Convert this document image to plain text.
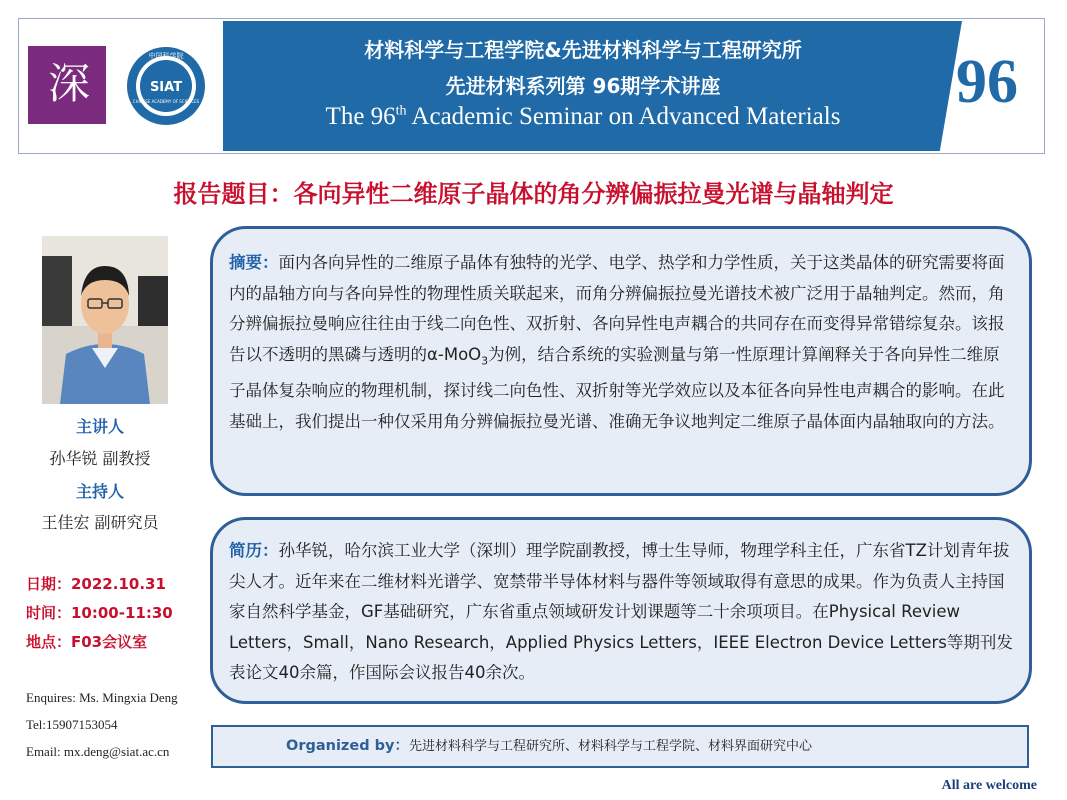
深
中国科学院
SIAT
CHINESE ACADEMY OF SCIENCES
材料科学与工程学院&先进材料科学与工程研究所
先进材料系列第 96期学术讲座
The 96th Academic Seminar on Advanced Materials
96
报告题目：各向异性二维原子晶体的角分辨偏振拉曼光谱与晶轴判定
主讲人
孙华锐 副教授
主持人
王佳宏 副研究员
日期：2022.10.31
时间：10:00-11:30
地点：F03会议室
Enquires: Ms. Mingxia Deng
Tel:15907153054
Email: mx.deng@siat.ac.cn
摘要：面内各向异性的二维原子晶体有独特的光学、电学、热学和力学性质，关于这类晶体的研究需要将面内的晶轴方向与各向异性的物理性质关联起来，而角分辨偏振拉曼光谱技术被广泛用于晶轴判定。然而，角分辨偏振拉曼响应往往由于线二向色性、双折射、各向异性电声耦合的共同存在而变得异常错综复杂。该报告以不透明的黑磷与透明的α-MoO$_3$为例，结合系统的实验测量与第一性原理计算阐释关于各向异性二维原子晶体复杂响应的物理机制，探讨线二向色性、双折射等光学效应以及本征各向异性电声耦合的影响。在此基础上，我们提出一种仅采用角分辨偏振拉曼光谱、准确无争议地判定二维原子晶体面内晶轴取向的方法。
简历：孙华锐，哈尔滨工业大学（深圳）理学院副教授，博士生导师，物理学科主任，广东省TZ计划青年拔尖人才。近年来在二维材料光谱学、宽禁带半导体材料与器件等领域取得有意思的成果。作为负责人主持国家自然科学基金，GF基础研究，广东省重点领域研发计划课题等二十余项项目。在Physical Review Letters，Small，Nano Research，Applied Physics Letters，IEEE Electron Device Letters等期刊发表论文40余篇，作国际会议报告40余次。
Organized by：先进材料科学与工程研究所、材料科学与工程学院、材料界面研究中心
All are welcome
